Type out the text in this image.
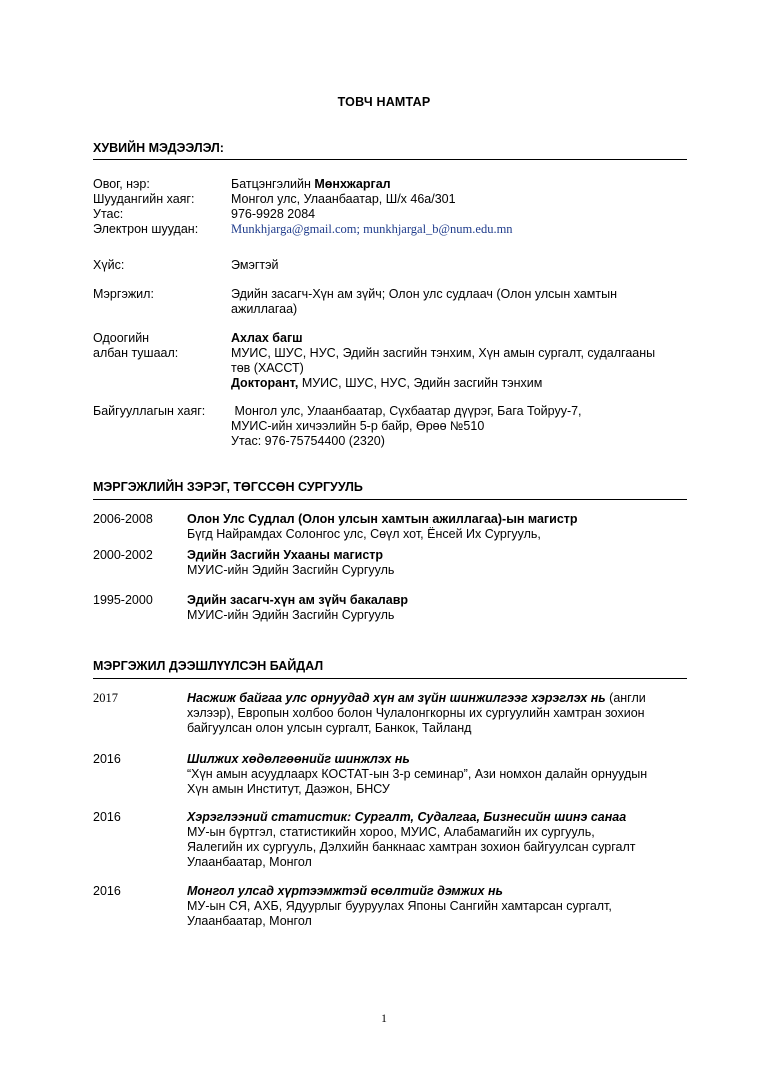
ТОВЧ НАМТАР
ХУВИЙН МЭДЭЭЛЭЛ:
Овог, нэр:	Батцэнгэлийн Мөнхжаргал
Шуудангийн хаяг:	Монгол улс, Улаанбаатар, Ш/х 46а/301
Утас:	976-9928 2084
Электрон шуудан:	Munkhjarga@gmail.com; munkhjargal_b@num.edu.mn
Хүйс:	Эмэгтэй
Мэргэжил:	Эдийн засагч-Хүн ам зүйч; Олон улс судлаач (Олон улсын хамтын
ажиллагаа)
Одоогийн
албан тушаал:
Ахлах багш
МУИС, ШУС, НУС, Эдийн засгийн тэнхим, Хүн амын сургалт, судалгааны
төв (ХАССТ)
Докторант, МУИС, ШУС, НУС, Эдийн засгийн тэнхим
Байгууллагын хаяг: Монгол улс, Улаанбаатар, Сүхбаатар дүүрэг, Бага Тойруу-7,
МУИС-ийн хичээлийн 5-р байр, Өрөө №510
Утас: 976-75754400 (2320)
МЭРГЭЖЛИЙН ЗЭРЭГ, ТӨГССӨН СУРГУУЛЬ
2006-2008	Олон Улс Судлал (Олон улсын хамтын ажиллагаа)-ын магистр
Бүгд Найрамдах Солонгос улс, Сөүл хот, Ёнсей Их Сургууль,
2000-2002	Эдийн Засгийн Ухааны магистр
МУИС-ийн Эдийн Засгийн Сургууль
1995-2000	Эдийн засагч-хүн ам зүйч бакалавр
МУИС-ийн Эдийн Засгийн Сургууль
МЭРГЭЖИЛ ДЭЭШЛҮҮЛСЭН БАЙДАЛ
2017	Насжиж байгаа улс орнуудад хүн ам зүйн шинжилгээг хэрэглэх нь (англи
хэлээр), Европын холбоо болон Чулалонгкорны их сургуулийн хамтран зохион
байгуулсан олон улсын сургалт, Банкок, Тайланд
2016	Шилжих хөдөлгөөнийг шинжлэх нь
“Хүн амын асуудлаарх КОСТАТ-ын 3-р семинар”, Ази номхон далайн орнуудын
Хүн амын Институт, Даэжон, БНСУ
2016	Хэрэглээний статистик: Сургалт, Судалгаа, Бизнесийн шинэ санаа
МУ-ын бүртгэл, статистикийн хороо, МУИС, Алабамагийн их сургууль,
Яалегийн их сургууль, Дэлхийн банкнаас хамтран зохион байгуулсан сургалт
Улаанбаатар, Монгол
2016	Монгол улсад хүртээмжтэй өсөлтийг дэмжих нь
МУ-ын СЯ, АХБ, Ядуурлыг бууруулах Японы Сангийн хамтарсан сургалт,
Улаанбаатар, Монгол
1
